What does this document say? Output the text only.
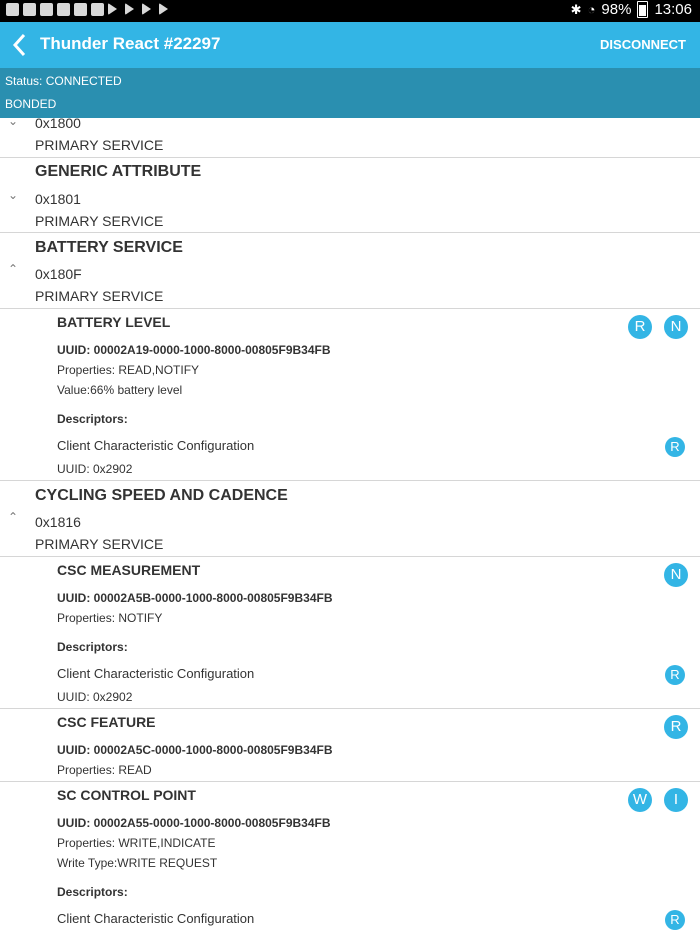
✱ ◔ 98% 13:06
Thunder React #22297	DISCONNECT
Status: CONNECTED
BONDED
⌄ 0x1800
PRIMARY SERVICE
GENERIC ATTRIBUTE
⌄ 0x1801
PRIMARY SERVICE
BATTERY SERVICE
⌃ 0x180F
PRIMARY SERVICE
BATTERY LEVEL	R	N
UUID: 00002A19-0000-1000-8000-00805F9B34FB
Properties: READ,NOTIFY
Value:66% battery level
Descriptors:
Client Characteristic Configuration	R
UUID: 0x2902
CYCLING SPEED AND CADENCE
⌃ 0x1816
PRIMARY SERVICE
CSC MEASUREMENT	N
UUID: 00002A5B-0000-1000-8000-00805F9B34FB
Properties: NOTIFY
Descriptors:
Client Characteristic Configuration	R
UUID: 0x2902
CSC FEATURE	R
UUID: 00002A5C-0000-1000-8000-00805F9B34FB
Properties: READ
SC CONTROL POINT	W	I
UUID: 00002A55-0000-1000-8000-00805F9B34FB
Properties: WRITE,INDICATE
Write Type:WRITE REQUEST
Descriptors:
Client Characteristic Configuration	R
